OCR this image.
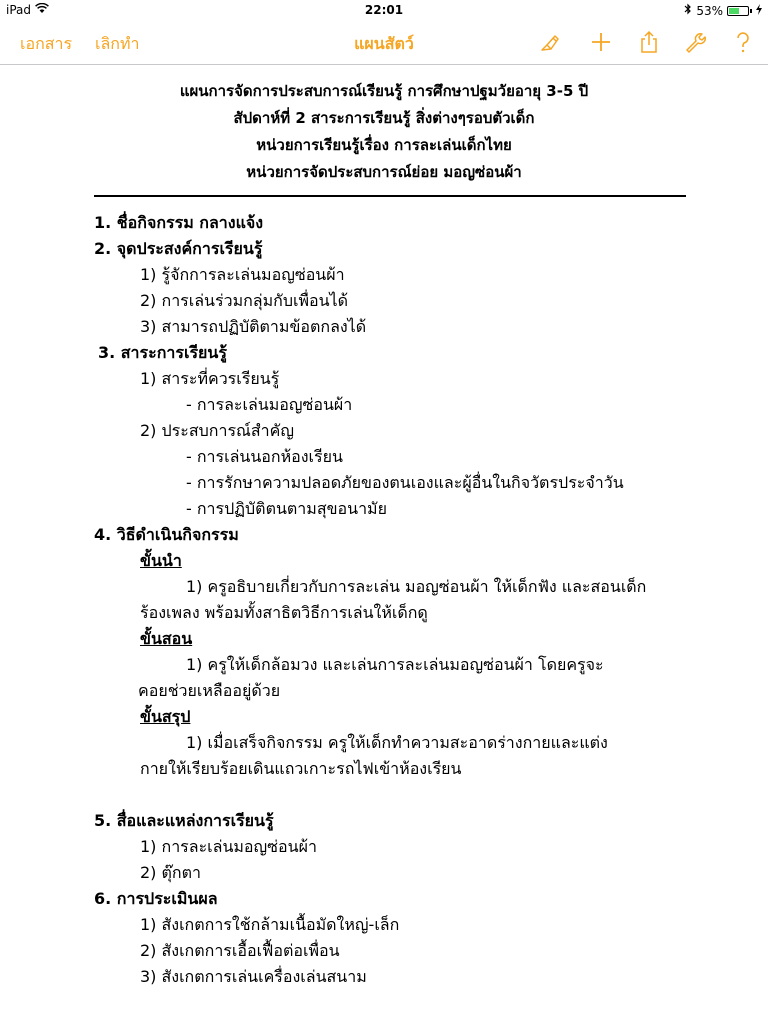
iPad	22:01	53%
เอกสาร เลิกทำ	แผนสัตว์
แผนการจัดการประสบการณ์เรียนรู้ การศึกษาปฐมวัยอายุ 3-5 ปี
สัปดาห์ที่ 2 สาระการเรียนรู้ สิ่งต่างๆรอบตัวเด็ก
หน่วยการเรียนรู้เรื่อง การละเล่นเด็กไทย
หน่วยการจัดประสบการณ์ย่อย มอญซ่อนผ้า
1. ชื่อกิจกรรม กลางแจ้ง
2. จุดประสงค์การเรียนรู้
1) รู้จักการละเล่นมอญซ่อนผ้า
2) การเล่นร่วมกลุ่มกับเพื่อนได้
3) สามารถปฏิบัติตามข้อตกลงได้
3. สาระการเรียนรู้
1) สาระที่ควรเรียนรู้
- การละเล่นมอญซ่อนผ้า
2) ประสบการณ์สำคัญ
- การเล่นนอกห้องเรียน
- การรักษาความปลอดภัยของตนเองและผู้อื่นในกิจวัตรประจำวัน
- การปฏิบัติตนตามสุขอนามัย
4. วิธีดำเนินกิจกรรม
ขั้นนำ
1) ครูอธิบายเกี่ยวกับการละเล่น มอญซ่อนผ้า ให้เด็กฟัง และสอนเด็ก
ร้องเพลง พร้อมทั้งสาธิตวิธีการเล่นให้เด็กดู
ขั้นสอน
1) ครูให้เด็กล้อมวง และเล่นการละเล่นมอญซ่อนผ้า โดยครูจะ
คอยช่วยเหลืออยู่ด้วย
ขั้นสรุป
1) เมื่อเสร็จกิจกรรม ครูให้เด็กทำความสะอาดร่างกายและแต่ง
กายให้เรียบร้อยเดินแถวเกาะรถไฟเข้าห้องเรียน
5. สื่อและแหล่งการเรียนรู้
1) การละเล่นมอญซ่อนผ้า
2) ตุ๊กตา
6. การประเมินผล
1) สังเกตการใช้กล้ามเนื้อมัดใหญ่-เล็ก
2) สังเกตการเอื้อเฟื้อต่อเพื่อน
3) สังเกตการเล่นเครื่องเล่นสนาม
